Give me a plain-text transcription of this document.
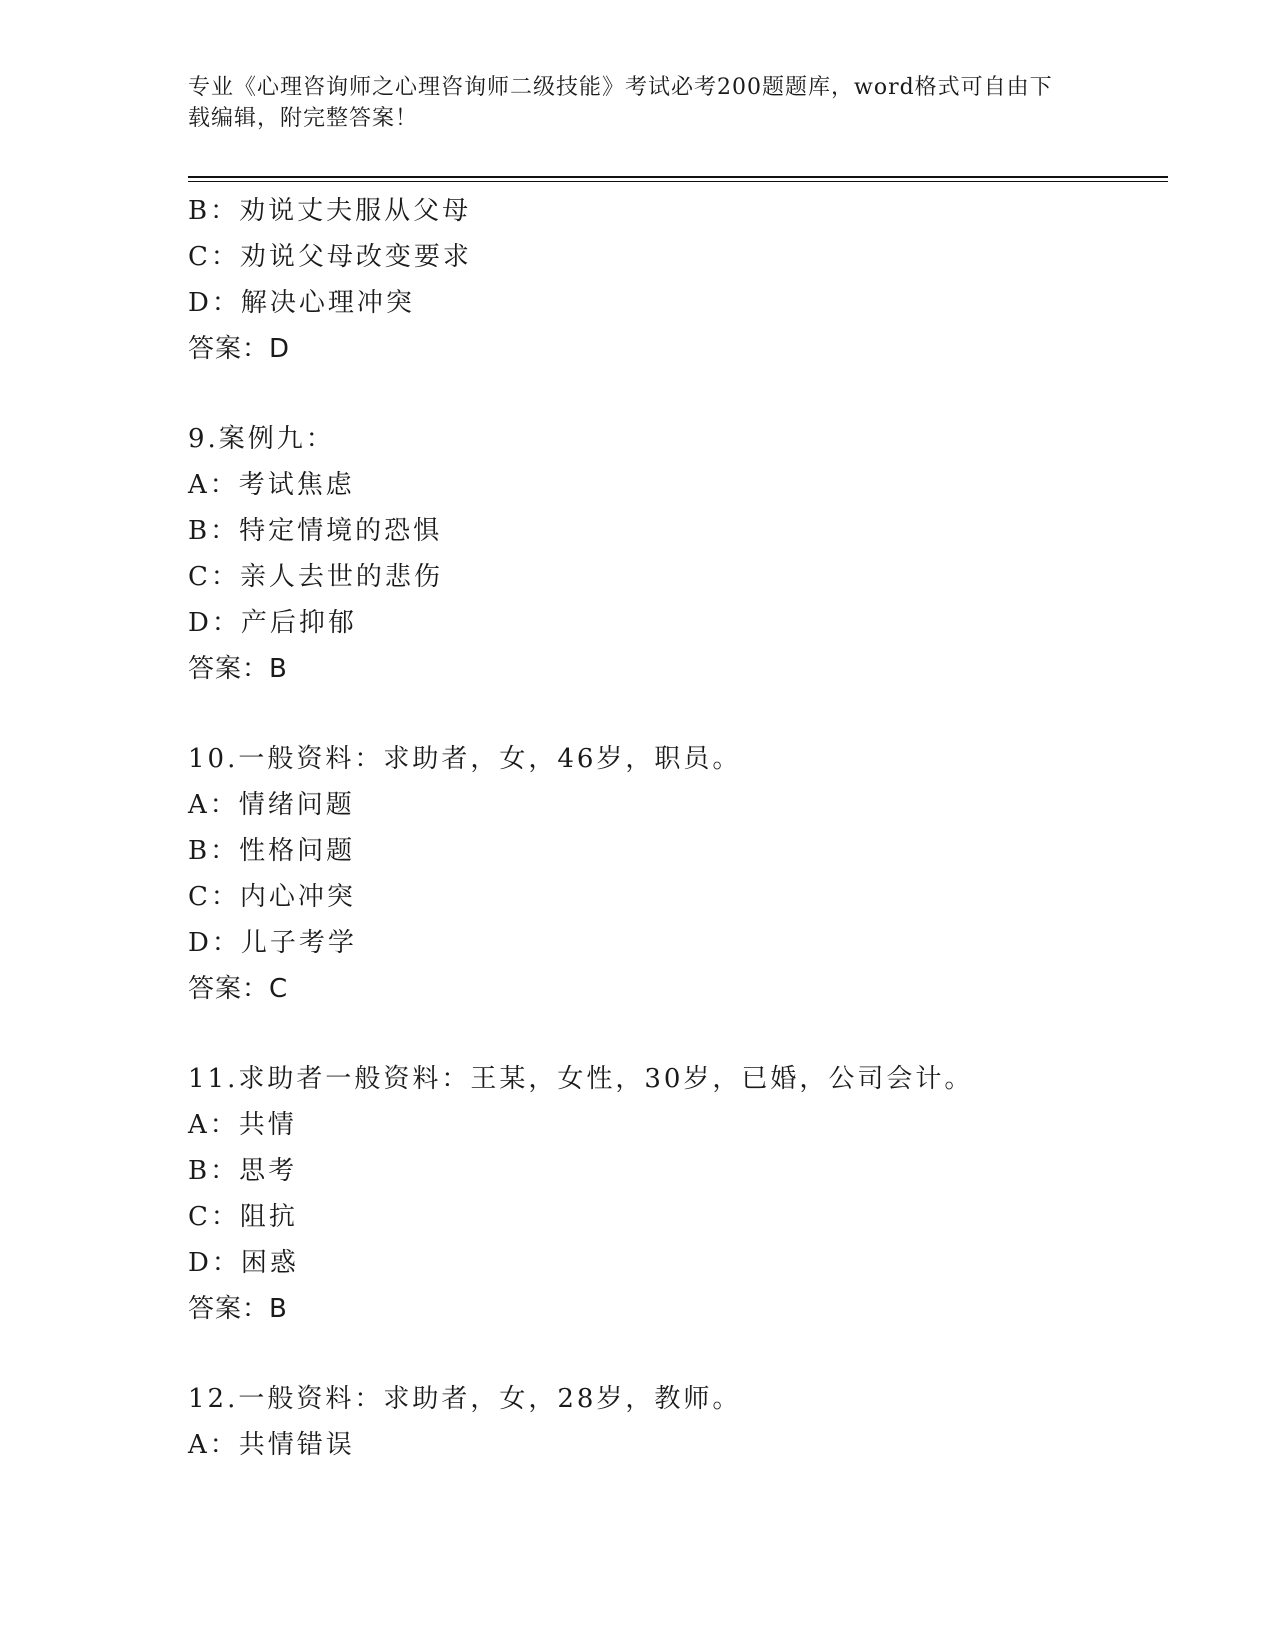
专业《心理咨询师之心理咨询师二级技能》考试必考200题题库，word格式可自由下载编辑，附完整答案！
B：劝说丈夫服从父母
C：劝说父母改变要求
D：解决心理冲突
答案：D
9.案例九：
A：考试焦虑
B：特定情境的恐惧
C：亲人去世的悲伤
D：产后抑郁
答案：B
10.一般资料：求助者，女，46岁，职员。
A：情绪问题
B：性格问题
C：内心冲突
D：儿子考学
答案：C
11.求助者一般资料：王某，女性，30岁，已婚，公司会计。
A：共情
B：思考
C：阻抗
D：困惑
答案：B
12.一般资料：求助者，女，28岁，教师。
A：共情错误
